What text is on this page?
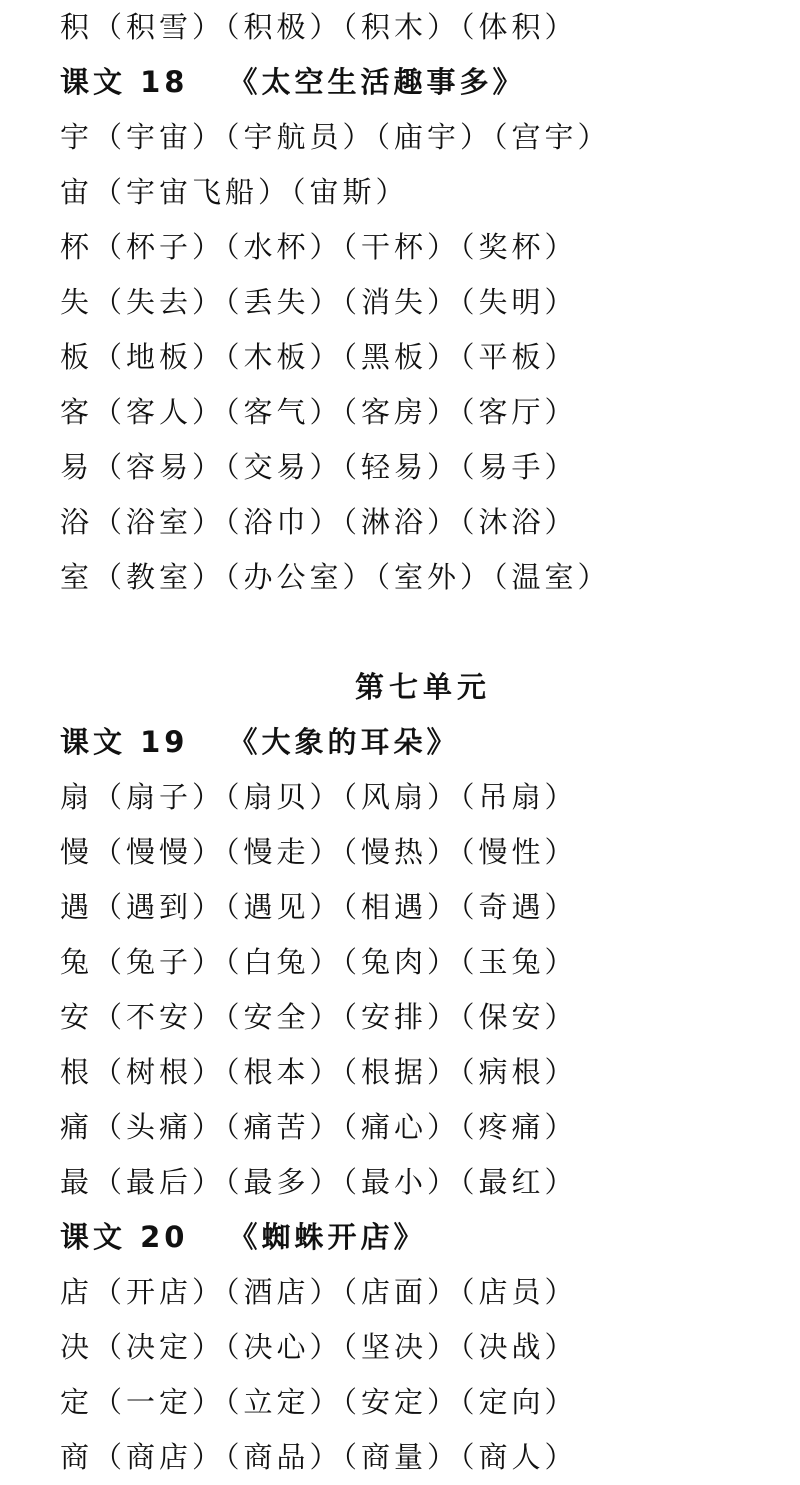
积（积雪）（积极）（积木）（体积）
课文 18 《太空生活趣事多》
宇（宇宙）（宇航员）（庙宇）（宫宇）
宙（宇宙飞船）（宙斯）
杯（杯子）（水杯）（干杯）（奖杯）
失（失去）（丢失）（消失）（失明）
板（地板）（木板）（黑板）（平板）
客（客人）（客气）（客房）（客厅）
易（容易）（交易）（轻易）（易手）
浴（浴室）（浴巾）（淋浴）（沐浴）
室（教室）（办公室）（室外）（温室）
第七单元
课文 19 《大象的耳朵》
扇（扇子）（扇贝）（风扇）（吊扇）
慢（慢慢）（慢走）（慢热）（慢性）
遇（遇到）（遇见）（相遇）（奇遇）
兔（兔子）（白兔）（兔肉）（玉兔）
安（不安）（安全）（安排）（保安）
根（树根）（根本）（根据）（病根）
痛（头痛）（痛苦）（痛心）（疼痛）
最（最后）（最多）（最小）（最红）
课文 20 《蜘蛛开店》
店（开店）（酒店）（店面）（店员）
决（决定）（决心）（坚决）（决战）
定（一定）（立定）（安定）（定向）
商（商店）（商品）（商量）（商人）
